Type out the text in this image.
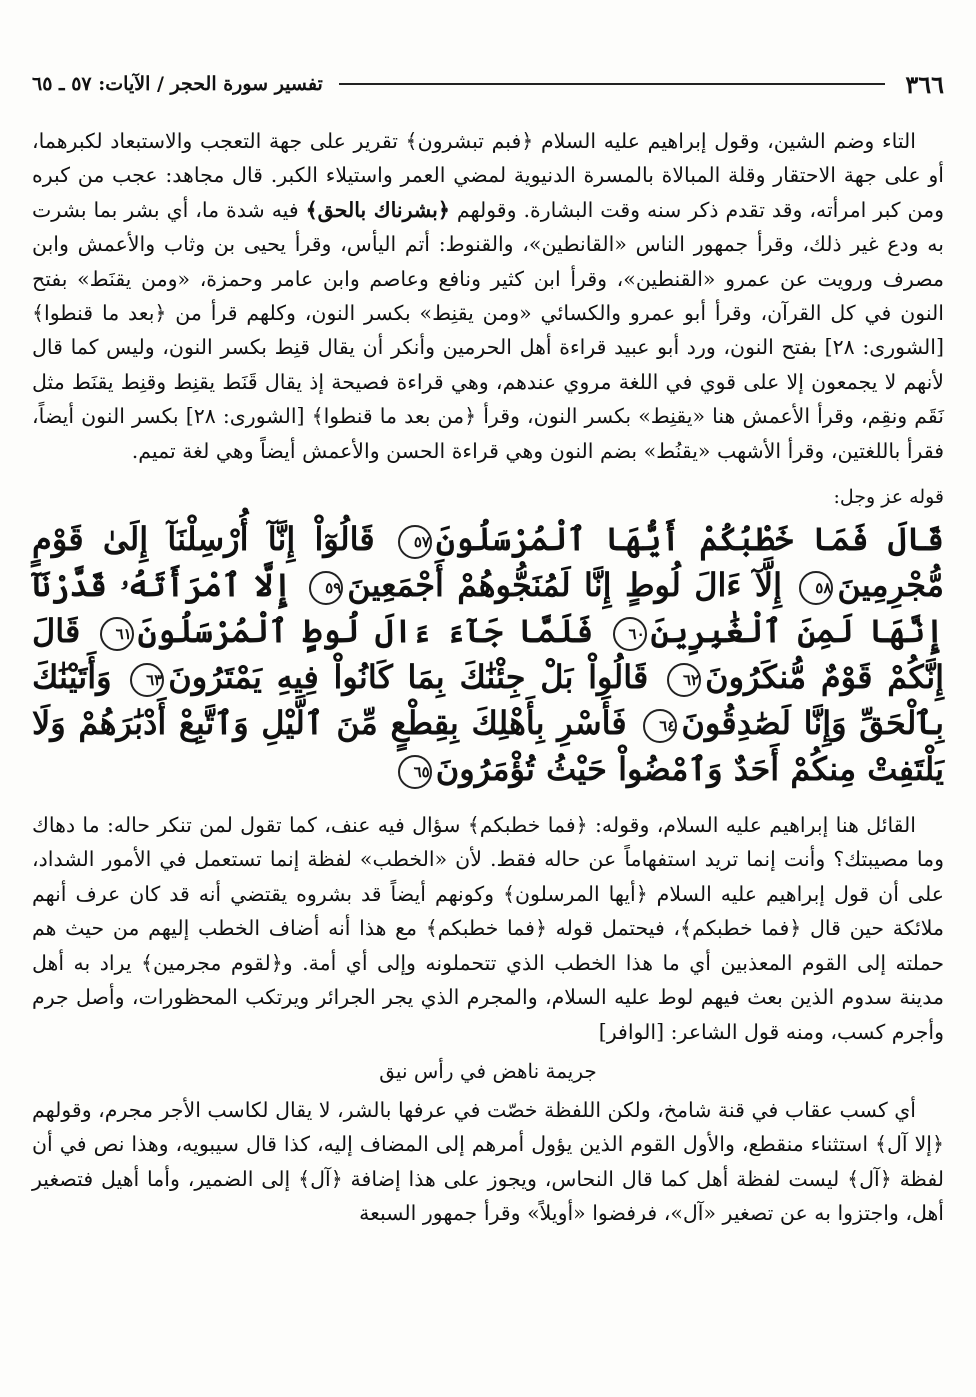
٣٦٦
تفسير سورة الحجر / الآيات: ٥٧ ـ ٦٥

التاء وضم الشين، وقول إبراهيم عليه السلام ﴿فبم تبشرون﴾ تقرير على جهة التعجب والاستبعاد لكبرهما، أو على جهة الاحتقار وقلة المبالاة بالمسرة الدنيوية لمضي العمر واستيلاء الكبر. قال مجاهد: عجب من كبره ومن كبر امرأته، وقد تقدم ذكر سنه وقت البشارة. وقولهم ﴿بشرناك بالحق﴾ فيه شدة ما، أي بشر بما بشرت به ودع غير ذلك، وقرأ جمهور الناس «القانطين»، والقنوط: أتم اليأس، وقرأ يحيى بن وثاب والأعمش وابن مصرف ورويت عن عمرو «القنطين»، وقرأ ابن كثير ونافع وعاصم وابن عامر وحمزة، «ومن يقنَط» بفتح النون في كل القرآن، وقرأ أبو عمرو والكسائي «ومن يقنِط» بكسر النون، وكلهم قرأ من ﴿بعد ما قنطوا﴾ [الشورى: ٢٨] بفتح النون، ورد أبو عبيد قراءة أهل الحرمين وأنكر أن يقال قنِط بكسر النون، وليس كما قال لأنهم لا يجمعون إلا على قوي في اللغة مروي عندهم، وهي قراءة فصيحة إذ يقال قَنَط يقنِط وقنِط يقنَط مثل نَقَم ونقِم، وقرأ الأعمش هنا «يقنِط» بكسر النون، وقرأ ﴿من بعد ما قنطوا﴾ [الشورى: ٢٨] بكسر النون أيضاً، فقرأ باللغتين، وقرأ الأشهب «يقنُط» بضم النون وهي قراءة الحسن والأعمش أيضاً وهي لغة تميم.

قوله عز وجل:

قَالَ فَمَا خَطْبُكُمْ أَيُّهَا ٱلْمُرْسَلُونَ٥٧ قَالُوٓاْ إِنَّآ أُرْسِلْنَآ إِلَىٰ قَوْمٍ مُّجْرِمِينَ٥٨ إِلَّآ ءَالَ لُوطٍ إِنَّا لَمُنَجُّوهُمْ أَجْمَعِينَ٥٩ إِلَّا ٱمْرَأَتَهُۥ قَدَّرْنَآ إِنَّهَا لَمِنَ ٱلْغَٰبِرِينَ٦٠ فَلَمَّا جَآءَ ءَالَ لُوطٍ ٱلْمُرْسَلُونَ٦١ قَالَ إِنَّكُمْ قَوْمٌ مُّنكَرُونَ٦٢ قَالُواْ بَلْ جِئْنَٰكَ بِمَا كَانُواْ فِيهِ يَمْتَرُونَ٦٣ وَأَتَيْنَٰكَ بِٱلْحَقِّ وَإِنَّا لَصَٰدِقُونَ٦٤ فَأَسْرِ بِأَهْلِكَ بِقِطْعٍ مِّنَ ٱلَّيْلِ وَٱتَّبِعْ أَدْبَٰرَهُمْ وَلَا يَلْتَفِتْ مِنكُمْ أَحَدٌ وَٱمْضُواْ حَيْثُ تُؤْمَرُونَ٦٥

القائل هنا إبراهيم عليه السلام، وقوله: ﴿فما خطبكم﴾ سؤال فيه عنف، كما تقول لمن تنكر حاله: ما دهاك وما مصيبتك؟ وأنت إنما تريد استفهاماً عن حاله فقط. لأن «الخطب» لفظة إنما تستعمل في الأمور الشداد، على أن قول إبراهيم عليه السلام ﴿أيها المرسلون﴾ وكونهم أيضاً قد بشروه يقتضي أنه قد كان عرف أنهم ملائكة حين قال ﴿فما خطبكم﴾، فيحتمل قوله ﴿فما خطبكم﴾ مع هذا أنه أضاف الخطب إليهم من حيث هم حملته إلى القوم المعذبين أي ما هذا الخطب الذي تتحملونه وإلى أي أمة. و﴿لقوم مجرمين﴾ يراد به أهل مدينة سدوم الذين بعث فيهم لوط عليه السلام، والمجرم الذي يجر الجرائر ويرتكب المحظورات، وأصل جرم وأجرم كسب، ومنه قول الشاعر: [الوافر]

جريمة ناهض في رأس نيق

أي كسب عقاب في قنة شامخ، ولكن اللفظة خصّت في عرفها بالشر، لا يقال لكاسب الأجر مجرم، وقولهم ﴿إلا آل﴾ استثناء منقطع، والأول القوم الذين يؤول أمرهم إلى المضاف إليه، كذا قال سيبويه، وهذا نص في أن لفظة ﴿آل﴾ ليست لفظة أهل كما قال النحاس، ويجوز على هذا إضافة ﴿آل﴾ إلى الضمير، وأما أهيل فتصغير أهل، واجتزوا به عن تصغير «آل»، فرفضوا «أويلاً» وقرأ جمهور السبعة
